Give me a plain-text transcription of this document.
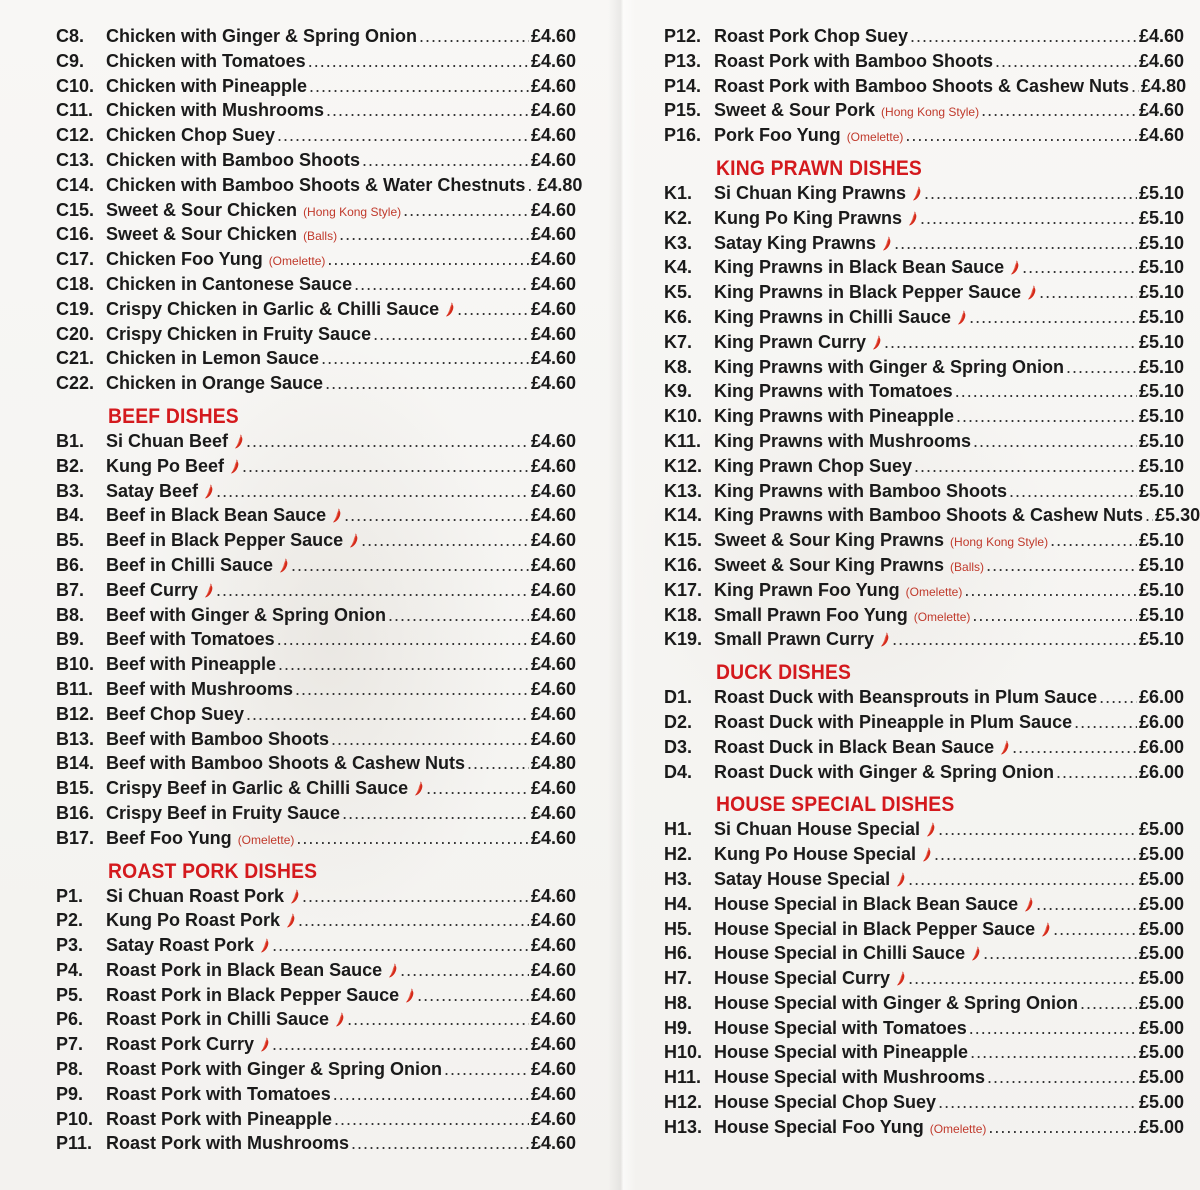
C8.	Chicken with Ginger & Spring Onion .....	£4.60
C9.	Chicken with Tomatoes .....	£4.60
C10. Chicken with Pineapple .....	£4.60
C11. Chicken with Mushrooms .....	£4.60
C12. Chicken Chop Suey .....	£4.60
C13. Chicken with Bamboo Shoots .....	£4.60
C14. Chicken with Bamboo Shoots & Water Chestnuts ..... £4.80
C15. Sweet & Sour Chicken (Hong Kong Style) .....	£4.60
C16. Sweet & Sour Chicken (Balls) .....	£4.60
C17. Chicken Foo Yung (Omelette) .....	£4.60
C18. Chicken in Cantonese Sauce .....	£4.60
C19. Crispy Chicken in Garlic & Chilli Sauce .....	£4.60
C20. Crispy Chicken in Fruity Sauce .....	£4.60
C21. Chicken in Lemon Sauce .....	£4.60
C22. Chicken in Orange Sauce .....	£4.60
BEEF DISHES
B1.	Si Chuan Beef .....	£4.60
B2.	Kung Po Beef .....	£4.60
B3.	Satay Beef .....	£4.60
B4.	Beef in Black Bean Sauce .....	£4.60
B5.	Beef in Black Pepper Sauce .....	£4.60
B6.	Beef in Chilli Sauce .....	£4.60
B7.	Beef Curry .....	£4.60
B8.	Beef with Ginger & Spring Onion .....	£4.60
B9.	Beef with Tomatoes .....	£4.60
B10. Beef with Pineapple .....	£4.60
B11. Beef with Mushrooms .....	£4.60
B12. Beef Chop Suey .....	£4.60
B13. Beef with Bamboo Shoots .....	£4.60
B14. Beef with Bamboo Shoots & Cashew Nuts .....	£4.80
B15. Crispy Beef in Garlic & Chilli Sauce .....	£4.60
B16. Crispy Beef in Fruity Sauce .....	£4.60
B17. Beef Foo Yung (Omelette) .....	£4.60
ROAST PORK DISHES
P1.	Si Chuan Roast Pork .....	£4.60
P2.	Kung Po Roast Pork .....	£4.60
P3.	Satay Roast Pork .....	£4.60
P4.	Roast Pork in Black Bean Sauce .....	£4.60
P5.	Roast Pork in Black Pepper Sauce .....	£4.60
P6.	Roast Pork in Chilli Sauce .....	£4.60
P7.	Roast Pork Curry .....	£4.60
P8.	Roast Pork with Ginger & Spring Onion .....	£4.60
P9.	Roast Pork with Tomatoes .....	£4.60
P10. Roast Pork with Pineapple .....	£4.60
P11. Roast Pork with Mushrooms .....	£4.60
P12. Roast Pork Chop Suey .....	£4.60
P13. Roast Pork with Bamboo Shoots .....	£4.60
P14. Roast Pork with Bamboo Shoots & Cashew Nuts ..... £4.80
P15. Sweet & Sour Pork (Hong Kong Style) .....	£4.60
P16. Pork Foo Yung (Omelette) .....	£4.60
KING PRAWN DISHES
K1.	Si Chuan King Prawns .....	£5.10
K2.	Kung Po King Prawns .....	£5.10
K3.	Satay King Prawns .....	£5.10
K4.	King Prawns in Black Bean Sauce .....	£5.10
K5.	King Prawns in Black Pepper Sauce .....	£5.10
K6.	King Prawns in Chilli Sauce .....	£5.10
K7.	King Prawn Curry .....	£5.10
K8.	King Prawns with Ginger & Spring Onion .....	£5.10
K9.	King Prawns with Tomatoes .....	£5.10
K10. King Prawns with Pineapple .....	£5.10
K11. King Prawns with Mushrooms .....	£5.10
K12. King Prawn Chop Suey .....	£5.10
K13. King Prawns with Bamboo Shoots .....	£5.10
K14. King Prawns with Bamboo Shoots & Cashew Nuts ..... £5.30
K15. Sweet & Sour King Prawns (Hong Kong Style) .....	£5.10
K16. Sweet & Sour King Prawns (Balls) .....	£5.10
K17. King Prawn Foo Yung (Omelette) .....	£5.10
K18. Small Prawn Foo Yung (Omelette) .....	£5.10
K19. Small Prawn Curry .....	£5.10
DUCK DISHES
D1.	Roast Duck with Beansprouts in Plum Sauce ..... £6.00
D2.	Roast Duck with Pineapple in Plum Sauce .....	£6.00
D3.	Roast Duck in Black Bean Sauce .....	£6.00
D4.	Roast Duck with Ginger & Spring Onion .....	£6.00
HOUSE SPECIAL DISHES
H1.	Si Chuan House Special .....	£5.00
H2.	Kung Po House Special .....	£5.00
H3.	Satay House Special .....	£5.00
H4.	House Special in Black Bean Sauce .....	£5.00
H5.	House Special in Black Pepper Sauce .....	£5.00
H6.	House Special in Chilli Sauce .....	£5.00
H7.	House Special Curry .....	£5.00
H8.	House Special with Ginger & Spring Onion .....	£5.00
H9.	House Special with Tomatoes .....	£5.00
H10. House Special with Pineapple .....	£5.00
H11. House Special with Mushrooms .....	£5.00
H12. House Special Chop Suey .....	£5.00
H13. House Special Foo Yung (Omelette) .....	£5.00
